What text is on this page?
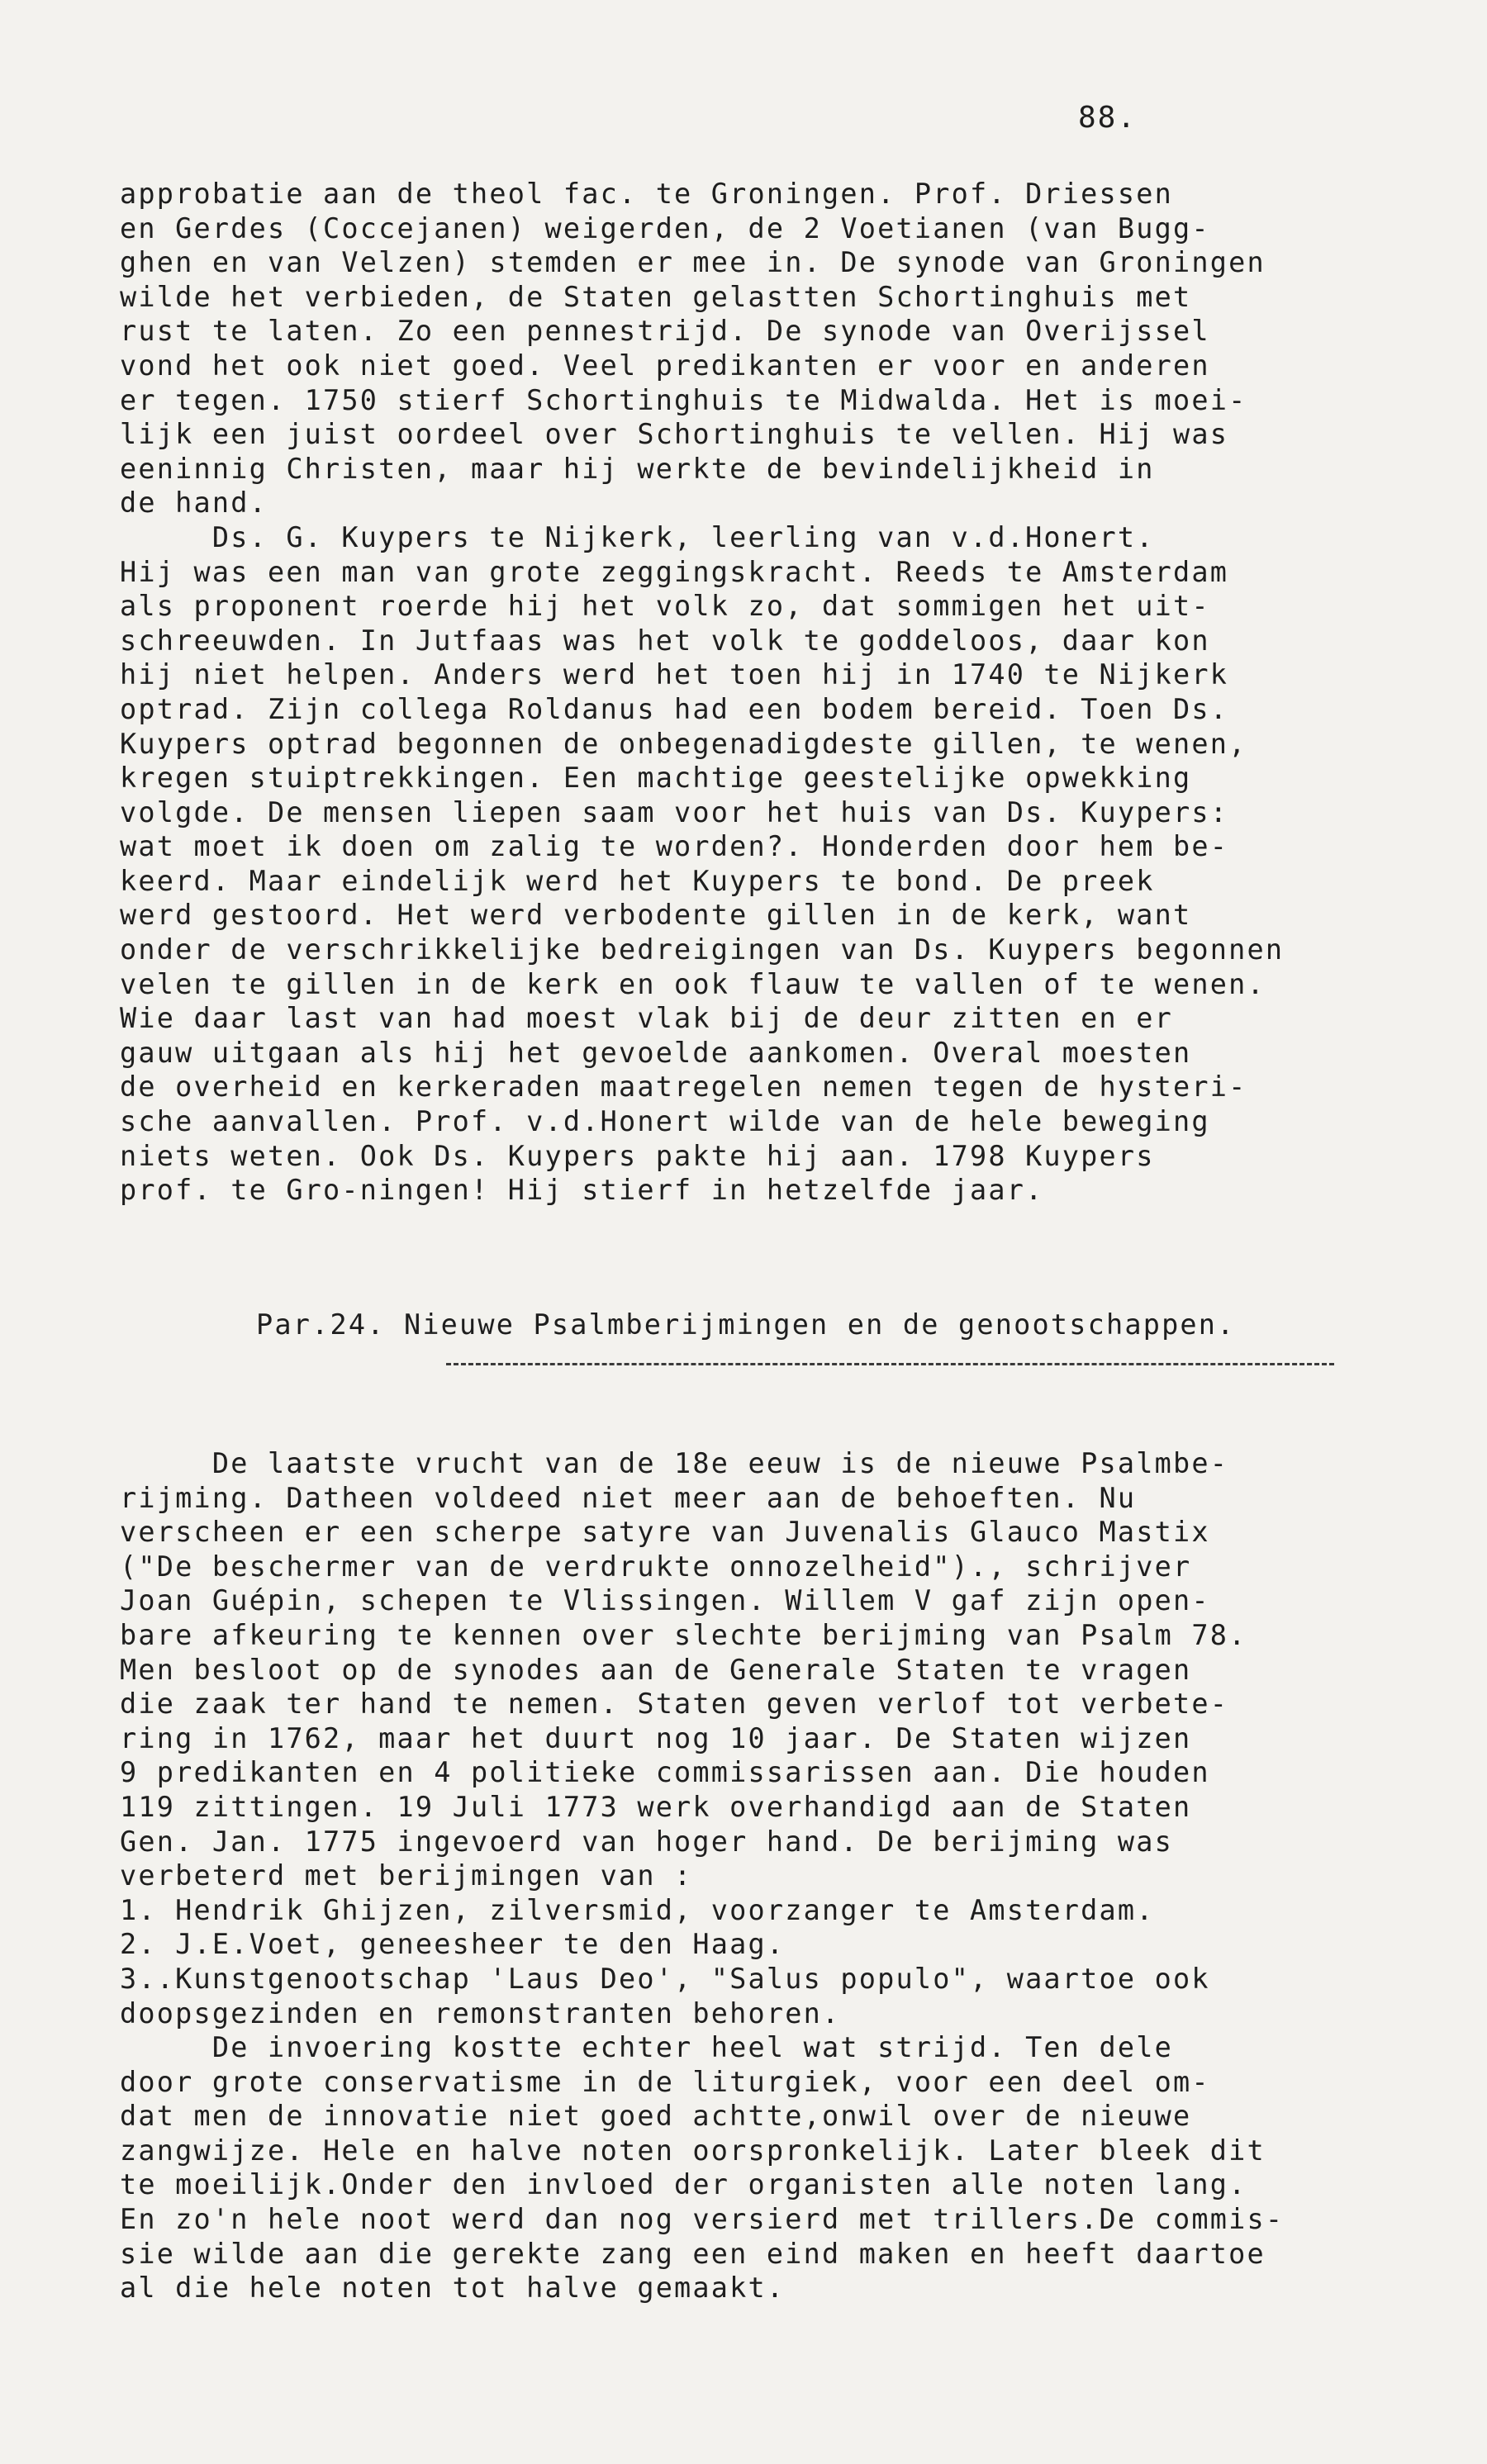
88.
approbatie aan de theol fac. te Groningen. Prof. Driessen
en Gerdes (Coccejanen) weigerden, de 2 Voetianen (van Bugg-
ghen en van Velzen) stemden er mee in. De synode van Groningen
wilde het verbieden, de Staten gelastten Schortinghuis met
rust te laten. Zo een pennestrijd. De synode van Overijssel
vond het ook niet goed. Veel predikanten er voor en anderen
er tegen. 1750 stierf Schortinghuis te Midwalda. Het is moei-
lijk een juist oordeel over Schortinghuis te vellen. Hij was
eeninnig Christen, maar hij werkte de bevindelijkheid in
de hand.
Ds. G. Kuypers te Nijkerk, leerling van v.d.Honert.
Hij was een man van grote zeggingskracht. Reeds te Amsterdam
als proponent roerde hij het volk zo, dat sommigen het uit-
schreeuwden. In Jutfaas was het volk te goddeloos, daar kon
hij niet helpen. Anders werd het toen hij in 1740 te Nijkerk
optrad. Zijn collega Roldanus had een bodem bereid. Toen Ds.
Kuypers optrad begonnen de onbegenadigdeste gillen, te wenen,
kregen stuiptrekkingen. Een machtige geestelijke opwekking
volgde. De mensen liepen saam voor het huis van Ds. Kuypers:
wat moet ik doen om zalig te worden?. Honderden door hem be-
keerd. Maar eindelijk werd het Kuypers te bond. De preek
werd gestoord. Het werd verbodente gillen in de kerk, want
onder de verschrikkelijke bedreigingen van Ds. Kuypers begonnen
velen te gillen in de kerk en ook flauw te vallen of te wenen.
Wie daar last van had moest vlak bij de deur zitten en er
gauw uitgaan als hij het gevoelde aankomen. Overal moesten
de overheid en kerkeraden maatregelen nemen tegen de hysteri-
sche aanvallen. Prof. v.d.Honert wilde van de hele beweging
niets weten. Ook Ds. Kuypers pakte hij aan. 1798 Kuypers
prof. te Gro-ningen! Hij stierf in hetzelfde jaar.
Par.24. Nieuwe Psalmberijmingen en de genootschappen.
De laatste vrucht van de 18e eeuw is de nieuwe Psalmbe-
rijming. Datheen voldeed niet meer aan de behoeften. Nu
verscheen er een scherpe satyre van Juvenalis Glauco Mastix
("De beschermer van de verdrukte onnozelheid")., schrijver
Joan Guépin, schepen te Vlissingen. Willem V gaf zijn open-
bare afkeuring te kennen over slechte berijming van Psalm 78.
Men besloot op de synodes aan de Generale Staten te vragen
die zaak ter hand te nemen. Staten geven verlof tot verbete-
ring in 1762, maar het duurt nog 10 jaar. De Staten wijzen
9 predikanten en 4 politieke commissarissen aan. Die houden
119 zittingen. 19 Juli 1773 werk overhandigd aan de Staten
Gen. Jan. 1775 ingevoerd van hoger hand. De berijming was
verbeterd met berijmingen van :
1. Hendrik Ghijzen, zilversmid, voorzanger te Amsterdam.
2. J.E.Voet, geneesheer te den Haag.
3..Kunstgenootschap 'Laus Deo', "Salus populo", waartoe ook
doopsgezinden en remonstranten behoren.
De invoering kostte echter heel wat strijd. Ten dele
door grote conservatisme in de liturgiek, voor een deel om-
dat men de innovatie niet goed achtte,onwil over de nieuwe
zangwijze. Hele en halve noten oorspronkelijk. Later bleek dit
te moeilijk.Onder den invloed der organisten alle noten lang.
En zo'n hele noot werd dan nog versierd met trillers.De commis-
sie wilde aan die gerekte zang een eind maken en heeft daartoe
al die hele noten tot halve gemaakt.
